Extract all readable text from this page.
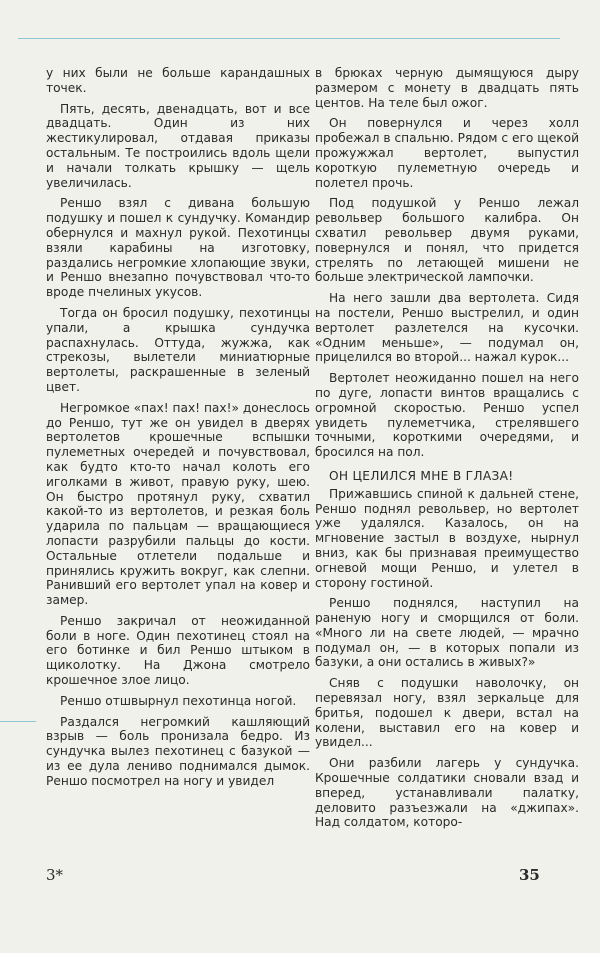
у них были не больше карандашных точек.

Пять, десять, двенадцать, вот и все двадцать. Один из них жестикулировал, отдавая приказы остальным. Те построились вдоль щели и начали толкать крышку — щель увеличилась.

Реншо взял с дивана большую подушку и пошел к сундучку. Командир обернулся и махнул рукой. Пехотинцы взяли карабины на изготовку, раздались негромкие хлопающие звуки, и Реншо внезапно почувствовал что-то вроде пчелиных укусов.

Тогда он бросил подушку, пехотинцы упали, а крышка сундучка распахнулась. Оттуда, жужжа, как стрекозы, вылетели миниатюрные вертолеты, раскрашенные в зеленый цвет.

Негромкое «пах! пах! пах!» донеслось до Реншо, тут же он увидел в дверях вертолетов крошечные вспышки пулеметных очередей и почувствовал, как будто кто-то начал колоть его иголками в живот, правую руку, шею. Он быстро протянул руку, схватил какой-то из вертолетов, и резкая боль ударила по пальцам — вращающиеся лопасти разрубили пальцы до кости. Остальные отлетели подальше и принялись кружить вокруг, как слепни. Ранивший его вертолет упал на ковер и замер.

Реншо закричал от неожиданной боли в ноге. Один пехотинец стоял на его ботинке и бил Реншо штыком в щиколотку. На Джона смотрело крошечное злое лицо.

Реншо отшвырнул пехотинца ногой.

Раздался негромкий кашляющий взрыв — боль пронизала бедро. Из сундучка вылез пехотинец с базукой — из ее дула лениво поднимался дымок. Реншо посмотрел на ногу и увидел

в брюках черную дымящуюся дыру размером с монету в двадцать пять центов. На теле был ожог.

Он повернулся и через холл пробежал в спальню. Рядом с его щекой прожужжал вертолет, выпустил короткую пулеметную очередь и полетел прочь.

Под подушкой у Реншо лежал револьвер большого калибра. Он схватил револьвер двумя руками, повернулся и понял, что придется стрелять по летающей мишени не больше электрической лампочки.

На него зашли два вертолета. Сидя на постели, Реншо выстрелил, и один вертолет разлетелся на кусочки. «Одним меньше», — подумал он, прицелился во второй... нажал курок...

Вертолет неожиданно пошел на него по дуге, лопасти винтов вращались с огромной скоростью. Реншо успел увидеть пулеметчика, стрелявшего точными, короткими очередями, и бросился на пол.

ОН ЦЕЛИЛСЯ МНЕ В ГЛАЗА!

Прижавшись спиной к дальней стене, Реншо поднял револьвер, но вертолет уже удалялся. Казалось, он на мгновение застыл в воздухе, нырнул вниз, как бы признавая преимущество огневой мощи Реншо, и улетел в сторону гостиной.

Реншо поднялся, наступил на раненую ногу и сморщился от боли. «Много ли на свете людей, — мрачно подумал он, — в которых попали из базуки, а они остались в живых?»

Сняв с подушки наволочку, он перевязал ногу, взял зеркальце для бритья, подошел к двери, встал на колени, выставил его на ковер и увидел...

Они разбили лагерь у сундучка. Крошечные солдатики сновали взад и вперед, устанавливали палатку, деловито разъезжали на «джипах». Над солдатом, которо-

3*	35
